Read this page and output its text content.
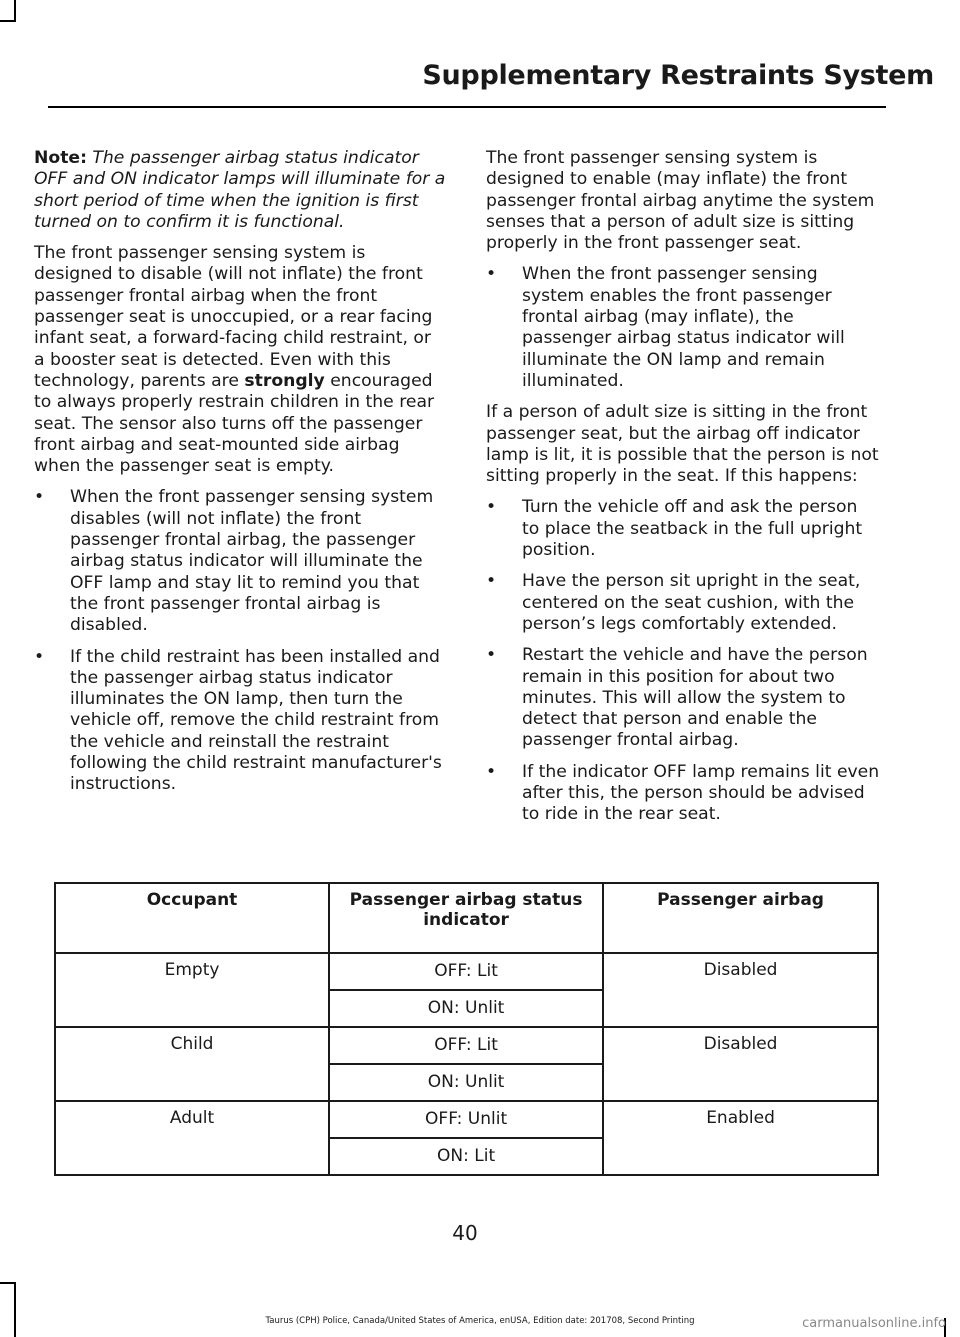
Supplementary Restraints System

Note: The passenger airbag status indicator OFF and ON indicator lamps will illuminate for a short period of time when the ignition is first turned on to confirm it is functional.

The front passenger sensing system is designed to disable (will not inflate) the front passenger frontal airbag when the front passenger seat is unoccupied, or a rear facing infant seat, a forward-facing child restraint, or a booster seat is detected. Even with this technology, parents are strongly encouraged to always properly restrain children in the rear seat. The sensor also turns off the passenger front airbag and seat-mounted side airbag when the passenger seat is empty.

•	When the front passenger sensing system disables (will not inflate) the front passenger frontal airbag, the passenger airbag status indicator will illuminate the OFF lamp and stay lit to remind you that the front passenger frontal airbag is disabled.
•	If the child restraint has been installed and the passenger airbag status indicator illuminates the ON lamp, then turn the vehicle off, remove the child restraint from the vehicle and reinstall the restraint following the child restraint manufacturer's instructions.

The front passenger sensing system is designed to enable (may inflate) the front passenger frontal airbag anytime the system senses that a person of adult size is sitting properly in the front passenger seat.

•	When the front passenger sensing system enables the front passenger frontal airbag (may inflate), the passenger airbag status indicator will illuminate the ON lamp and remain illuminated.

If a person of adult size is sitting in the front passenger seat, but the airbag off indicator lamp is lit, it is possible that the person is not sitting properly in the seat. If this happens:

•	Turn the vehicle off and ask the person to place the seatback in the full upright position.
•	Have the person sit upright in the seat, centered on the seat cushion, with the person’s legs comfortably extended.
•	Restart the vehicle and have the person remain in this position for about two minutes. This will allow the system to detect that person and enable the passenger frontal airbag.
•	If the indicator OFF lamp remains lit even after this, the person should be advised to ride in the rear seat.
Occupant	Passenger airbag status indicator	Passenger airbag
Empty	OFF: Lit	Disabled
	ON: Unlit	
Child	OFF: Lit	Disabled
	ON: Unlit	
Adult	OFF: Unlit	Enabled
	ON: Lit	
40
Taurus (CPH) Police, Canada/United States of America, enUSA, Edition date: 201708, Second Printing	carmanualsonline.info
